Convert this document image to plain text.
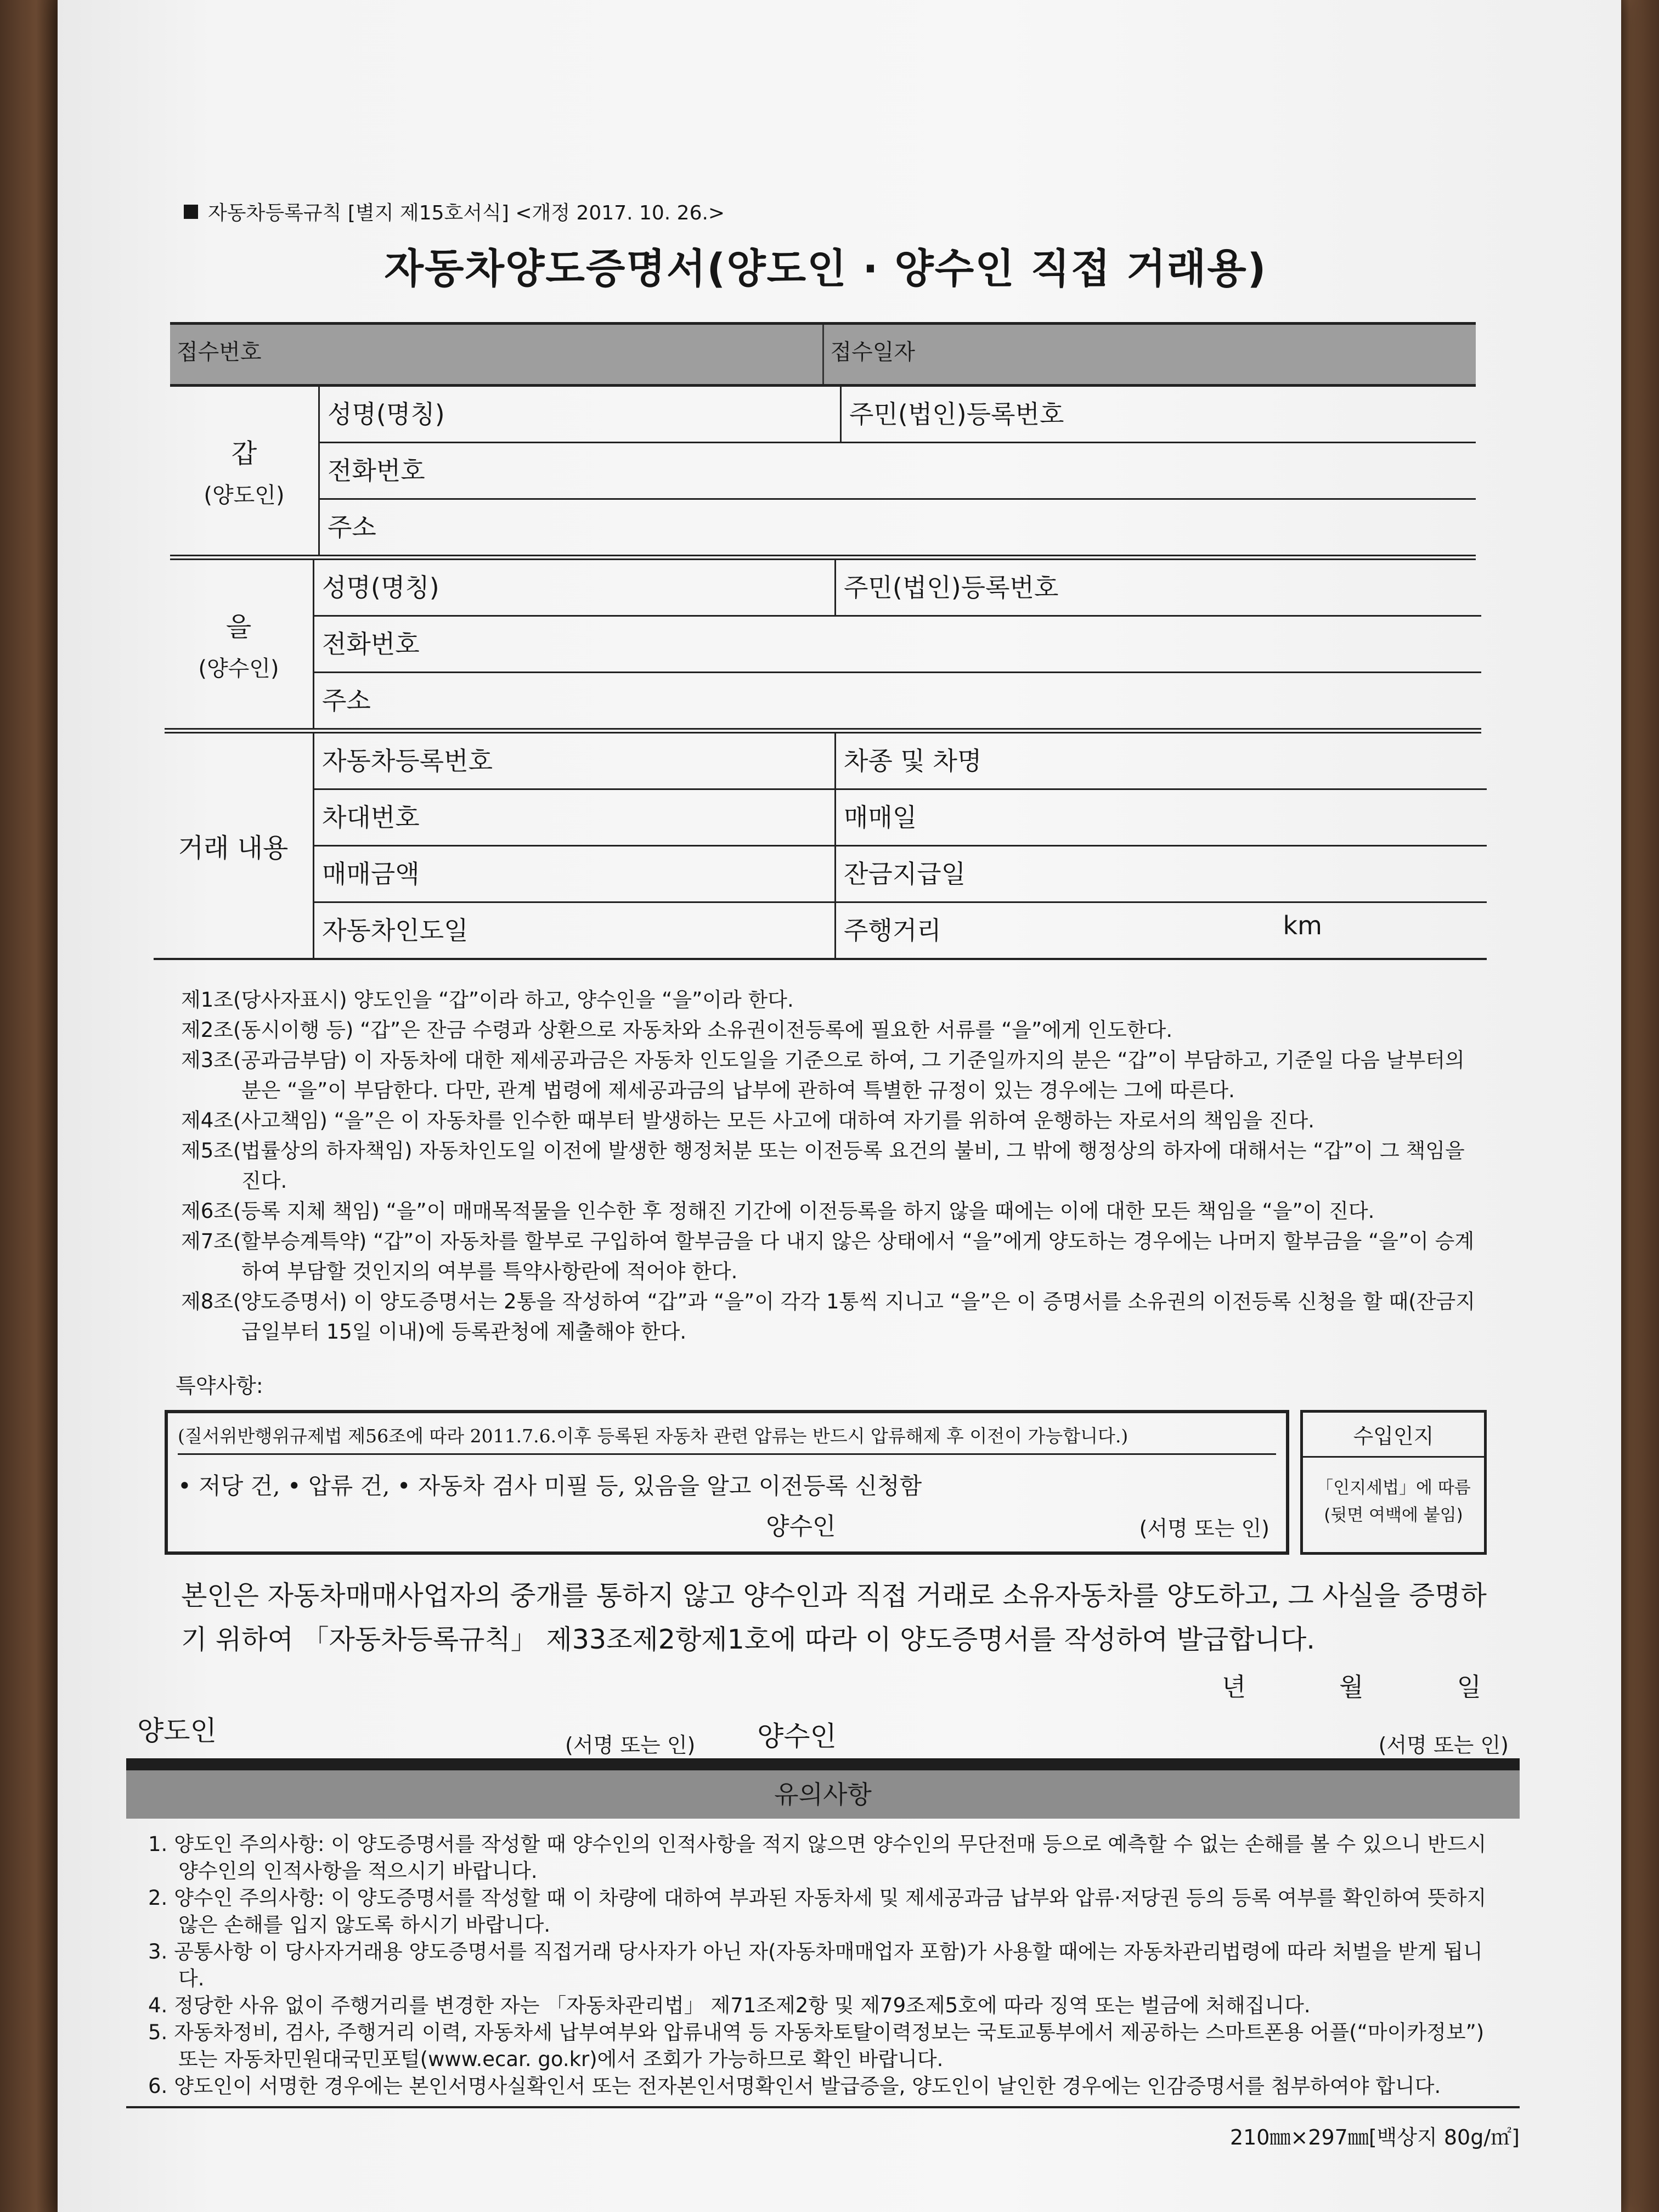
자동차등록규칙 [별지 제15호서식] <개정 2017. 10. 26.>
자동차양도증명서(양도인 · 양수인 직접 거래용)
접수번호	접수일자
갑
(양도인)
성명(명칭)	주민(법인)등록번호
전화번호
주소
을
(양수인)
성명(명칭)	주민(법인)등록번호
전화번호
주소
거래 내용
자동차등록번호	차종 및 차명
차대번호	매매일
매매금액	잔금지급일
자동차인도일	주행거리	km
제1조(당사자표시) 양도인을 “갑”이라 하고, 양수인을 “을”이라 한다.
제2조(동시이행 등) “갑”은 잔금 수령과 상환으로 자동차와 소유권이전등록에 필요한 서류를 “을”에게 인도한다.
제3조(공과금부담) 이 자동차에 대한 제세공과금은 자동차 인도일을 기준으로 하여, 그 기준일까지의 분은 “갑”이 부담하고, 기준일 다음 날부터의 분은 “을”이 부담한다. 다만, 관계 법령에 제세공과금의 납부에 관하여 특별한 규정이 있는 경우에는 그에 따른다.
제4조(사고책임) “을”은 이 자동차를 인수한 때부터 발생하는 모든 사고에 대하여 자기를 위하여 운행하는 자로서의 책임을 진다.
제5조(법률상의 하자책임) 자동차인도일 이전에 발생한 행정처분 또는 이전등록 요건의 불비, 그 밖에 행정상의 하자에 대해서는 “갑”이 그 책임을 진다.
제6조(등록 지체 책임) “을”이 매매목적물을 인수한 후 정해진 기간에 이전등록을 하지 않을 때에는 이에 대한 모든 책임을 “을”이 진다.
제7조(할부승계특약) “갑”이 자동차를 할부로 구입하여 할부금을 다 내지 않은 상태에서 “을”에게 양도하는 경우에는 나머지 할부금을 “을”이 승계하여 부담할 것인지의 여부를 특약사항란에 적어야 한다.
제8조(양도증명서) 이 양도증명서는 2통을 작성하여 “갑”과 “을”이 각각 1통씩 지니고 “을”은 이 증명서를 소유권의 이전등록 신청을 할 때(잔금지급일부터 15일 이내)에 등록관청에 제출해야 한다.
특약사항:
(질서위반행위규제법 제56조에 따라 2011.7.6.이후 등록된 자동차 관련 압류는 반드시 압류해제 후 이전이 가능합니다.)
• 저당 건, • 압류 건, • 자동차 검사 미필 등, 있음을 알고 이전등록 신청함
양수인	(서명 또는 인)
수입인지
「인지세법」에 따름
(뒷면 여백에 붙임)
본인은 자동차매매사업자의 중개를 통하지 않고 양수인과 직접 거래로 소유자동차를 양도하고, 그 사실을 증명하기 위하여 「자동차등록규칙」 제33조제2항제1호에 따라 이 양도증명서를 작성하여 발급합니다.
년	월	일
양도인	(서명 또는 인) 양수인	(서명 또는 인)
유의사항
1. 양도인 주의사항: 이 양도증명서를 작성할 때 양수인의 인적사항을 적지 않으면 양수인의 무단전매 등으로 예측할 수 없는 손해를 볼 수 있으니 반드시 양수인의 인적사항을 적으시기 바랍니다.
2. 양수인 주의사항: 이 양도증명서를 작성할 때 이 차량에 대하여 부과된 자동차세 및 제세공과금 납부와 압류·저당권 등의 등록 여부를 확인하여 뜻하지 않은 손해를 입지 않도록 하시기 바랍니다.
3. 공통사항 이 당사자거래용 양도증명서를 직접거래 당사자가 아닌 자(자동차매매업자 포함)가 사용할 때에는 자동차관리법령에 따라 처벌을 받게 됩니다.
4. 정당한 사유 없이 주행거리를 변경한 자는 「자동차관리법」 제71조제2항 및 제79조제5호에 따라 징역 또는 벌금에 처해집니다.
5. 자동차정비, 검사, 주행거리 이력, 자동차세 납부여부와 압류내역 등 자동차토탈이력정보는 국토교통부에서 제공하는 스마트폰용 어플(“마이카정보”) 또는 자동차민원대국민포털(www.ecar. go.kr)에서 조회가 가능하므로 확인 바랍니다.
6. 양도인이 서명한 경우에는 본인서명사실확인서 또는 전자본인서명확인서 발급증을, 양도인이 날인한 경우에는 인감증명서를 첨부하여야 합니다.
210㎜×297㎜[백상지 80g/㎡]
